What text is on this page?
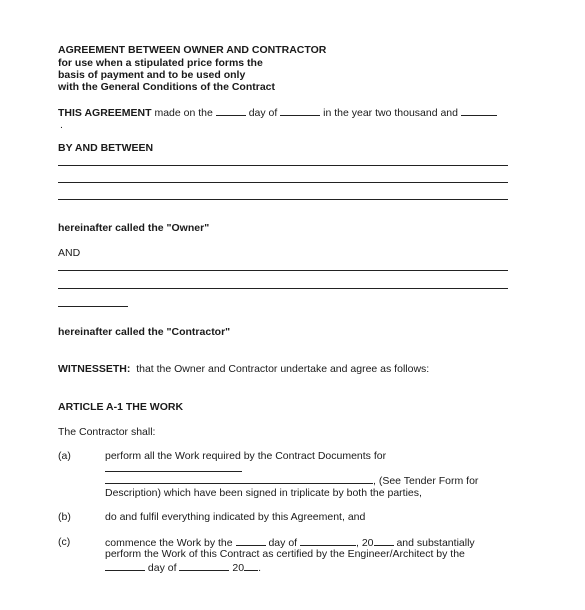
AGREEMENT BETWEEN OWNER AND CONTRACTOR
for use when a stipulated price forms the
basis of payment and to be used only
with the General Conditions of the Contract
THIS AGREEMENT made on the	day of	in the year two thousand and
.
BY AND BETWEEN
hereinafter called the "Owner"
AND
hereinafter called the "Contractor"
WITNESSETH: that the Owner and Contractor undertake and agree as follows:
ARTICLE A-1 THE WORK
The Contractor shall:
(a)	perform all the Work required by the Contract Documents for
, (See Tender Form for
Description) which have been signed in triplicate by both the parties,
(b)	do and fulfil everything indicated by this Agreement, and
(c)	commence the Work by the	day of	, 20 and substantially
perform the Work of this Contract as certified by the Engineer/Architect by the
day of	20 .
